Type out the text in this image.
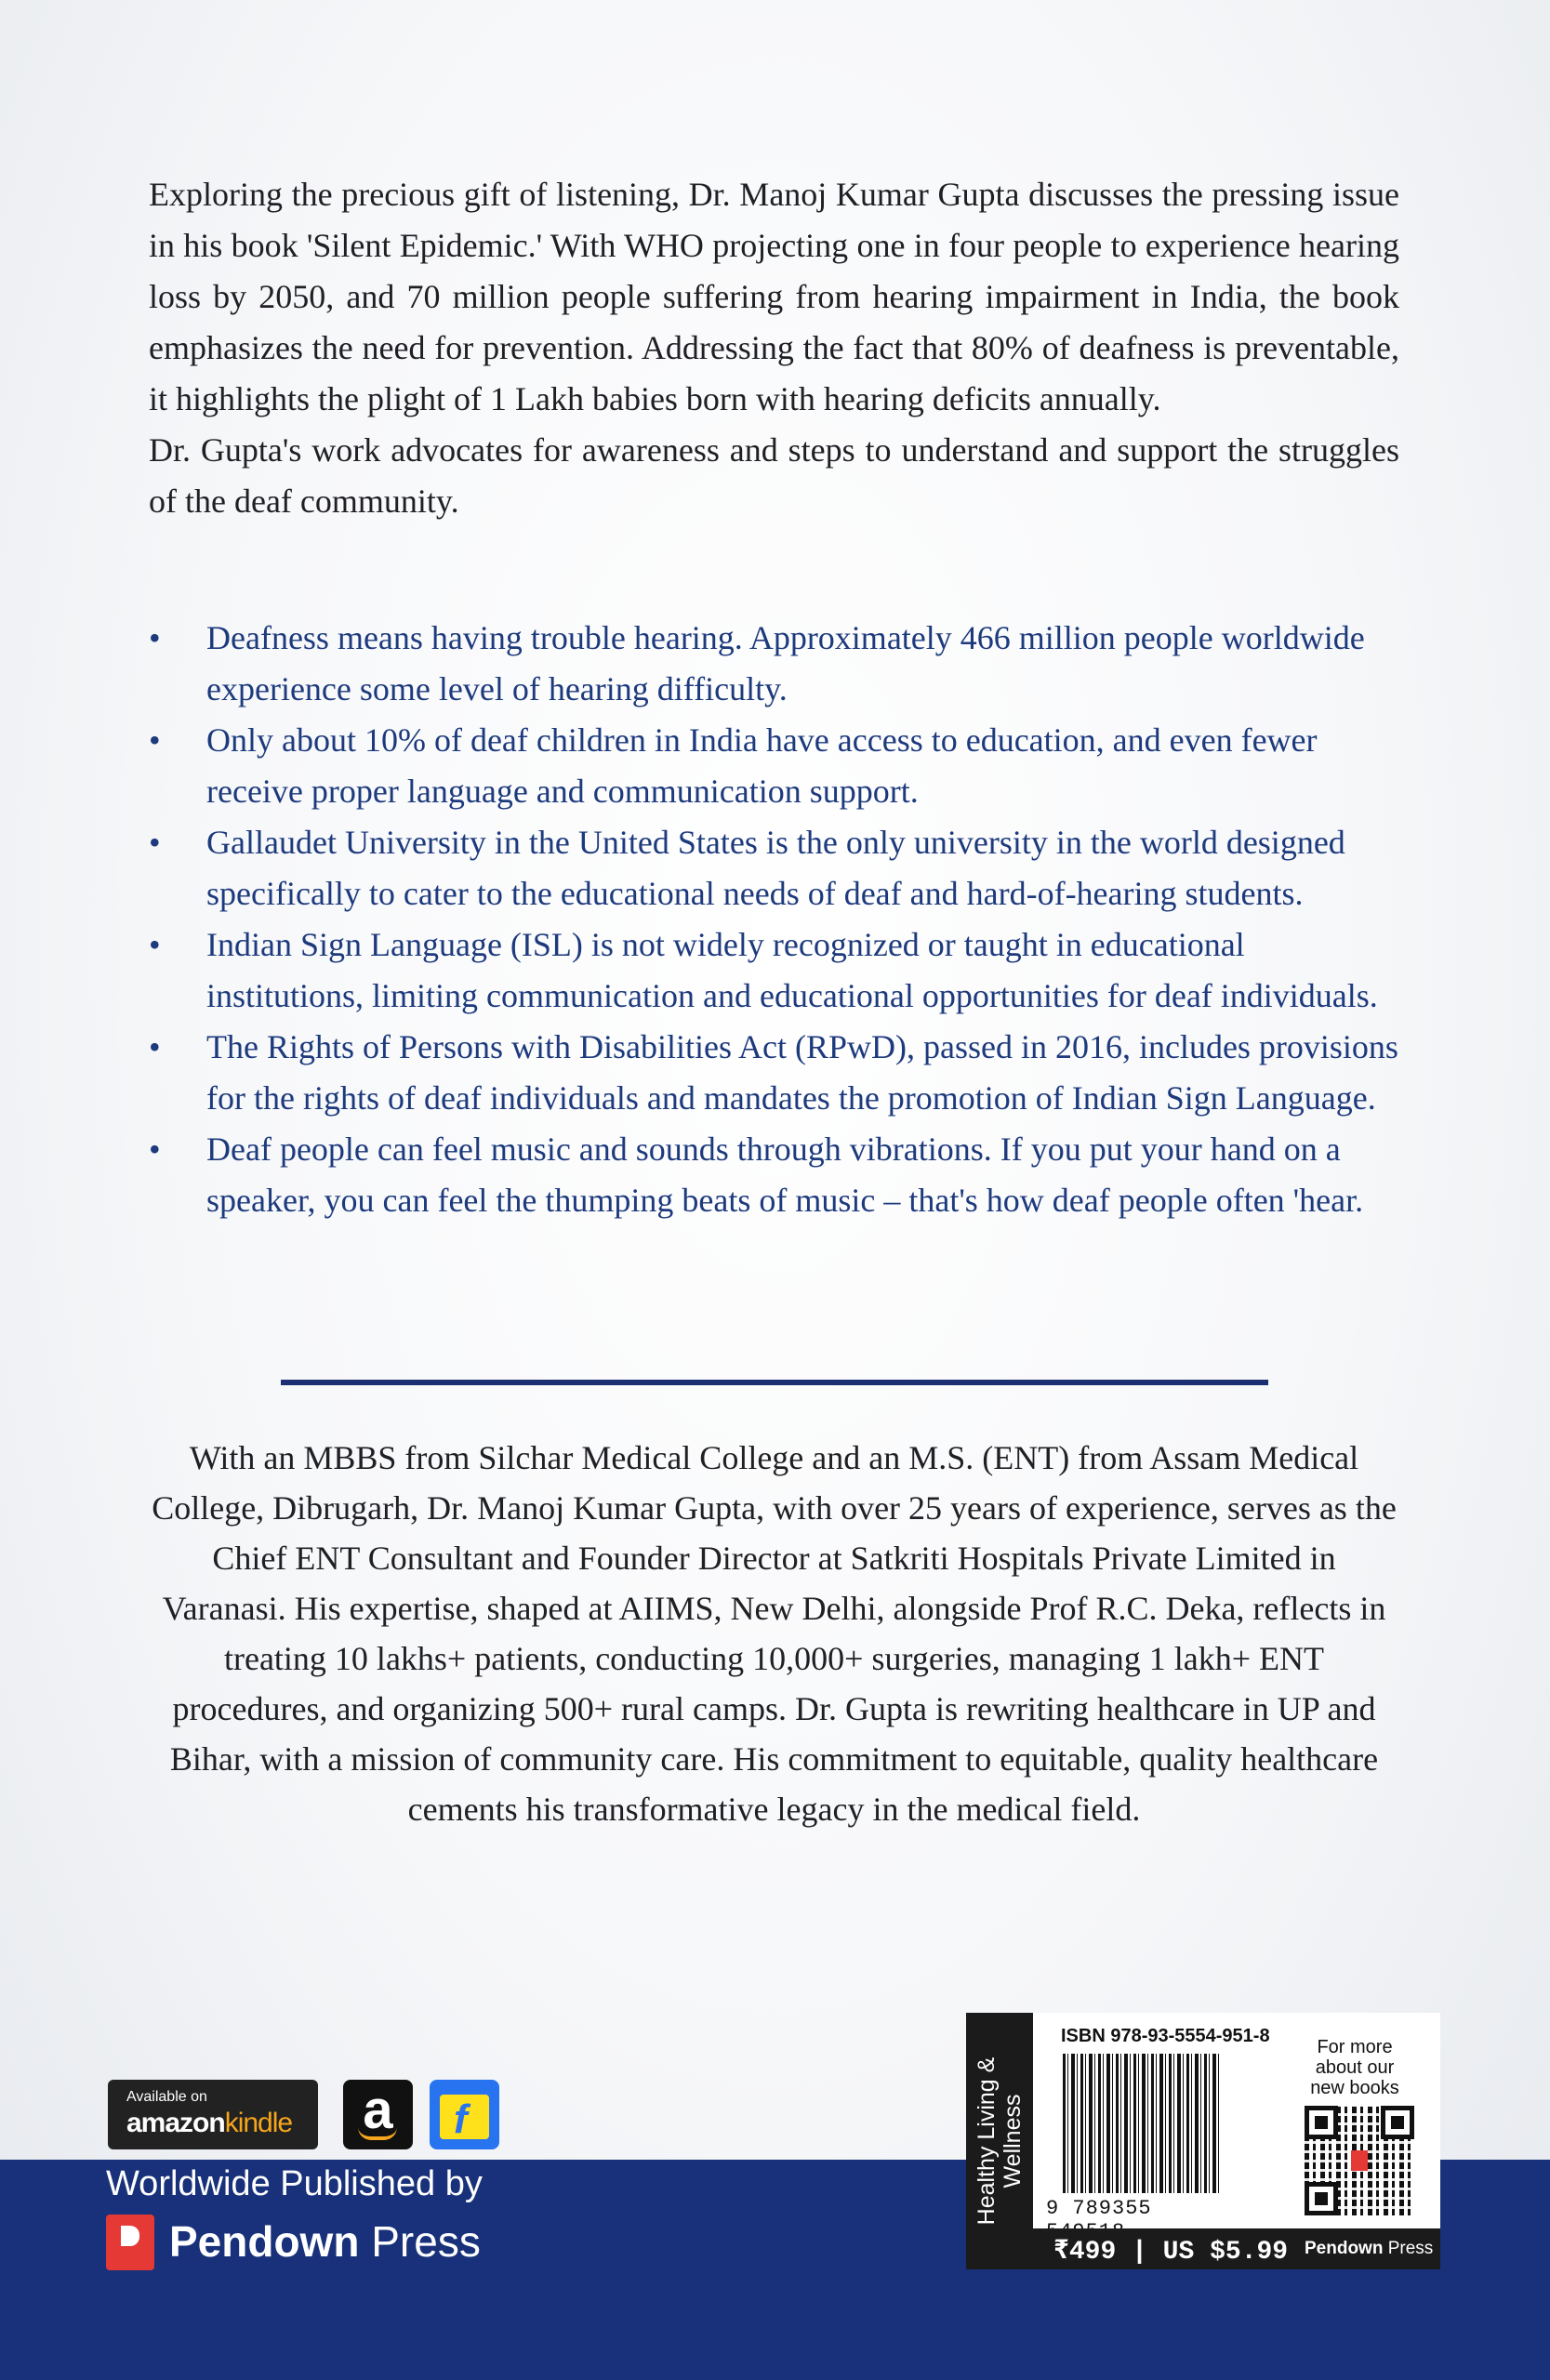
Exploring the precious gift of listening, Dr. Manoj Kumar Gupta discusses the pressing issue in his book 'Silent Epidemic.' With WHO projecting one in four people to experience hearing loss by 2050, and 70 million people suffering from hearing impairment in India, the book emphasizes the need for prevention. Addressing the fact that 80% of deafness is preventable, it highlights the plight of 1 Lakh babies born with hearing deficits annually.

Dr. Gupta's work advocates for awareness and steps to understand and support the struggles of the deaf community.

• Deafness means having trouble hearing. Approximately 466 million people worldwide experience some level of hearing difficulty.
• Only about 10% of deaf children in India have access to education, and even fewer receive proper language and communication support.
• Gallaudet University in the United States is the only university in the world designed specifically to cater to the educational needs of deaf and hard-of-hearing students.
• Indian Sign Language (ISL) is not widely recognized or taught in educational institutions, limiting communication and educational opportunities for deaf individuals.
• The Rights of Persons with Disabilities Act (RPwD), passed in 2016, includes provisions for the rights of deaf individuals and mandates the promotion of Indian Sign Language.
• Deaf people can feel music and sounds through vibrations. If you put your hand on a speaker, you can feel the thumping beats of music – that's how deaf people often 'hear.
With an MBBS from Silchar Medical College and an M.S. (ENT) from Assam Medical College, Dibrugarh, Dr. Manoj Kumar Gupta, with over 25 years of experience, serves as the Chief ENT Consultant and Founder Director at Satkriti Hospitals Private Limited in Varanasi. His expertise, shaped at AIIMS, New Delhi, alongside Prof R.C. Deka, reflects in treating 10 lakhs+ patients, conducting 10,000+ surgeries, managing 1 lakh+ ENT procedures, and organizing 500+ rural camps. Dr. Gupta is rewriting healthcare in UP and Bihar, with a mission of community care. His commitment to equitable, quality healthcare cements his transformative legacy in the medical field.
Available on
amazonkindle	a	f
Worldwide Published by
Pendown Press
Healthy Living & Wellness
ISBN 978-93-5554-951-8
9 789355
For more about our new books
₹499 | US $5.99 Pendown Press
